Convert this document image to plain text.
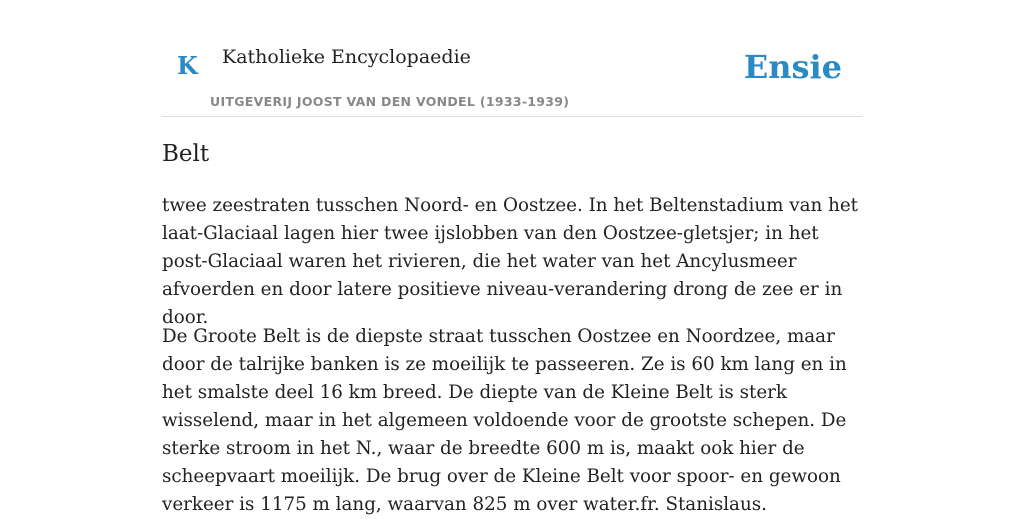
K Katholieke Encyclopaedie
UITGEVERIJ JOOST VAN DEN VONDEL (1933-1939)
Ensie
Belt

twee zeestraten tusschen Noord- en Oostzee. In het Beltenstadium van het laat-Glaciaal lagen hier twee ijslobben van den Oostzee-gletsjer; in het post-Glaciaal waren het rivieren, die het water van het Ancylusmeer afvoerden en door latere positieve niveau-verandering drong de zee er in door.

De Groote Belt is de diepste straat tusschen Oostzee en Noordzee, maar door de talrijke banken is ze moeilijk te passeeren. Ze is 60 km lang en in het smalste deel 16 km breed. De diepte van de Kleine Belt is sterk wisselend, maar in het algemeen voldoende voor de grootste schepen. De sterke stroom in het N., waar de breedte 600 m is, maakt ook hier de scheepvaart moeilijk. De brug over de Kleine Belt voor spoor- en gewoon verkeer is 1175 m lang, waarvan 825 m over water.fr. Stanislaus.
